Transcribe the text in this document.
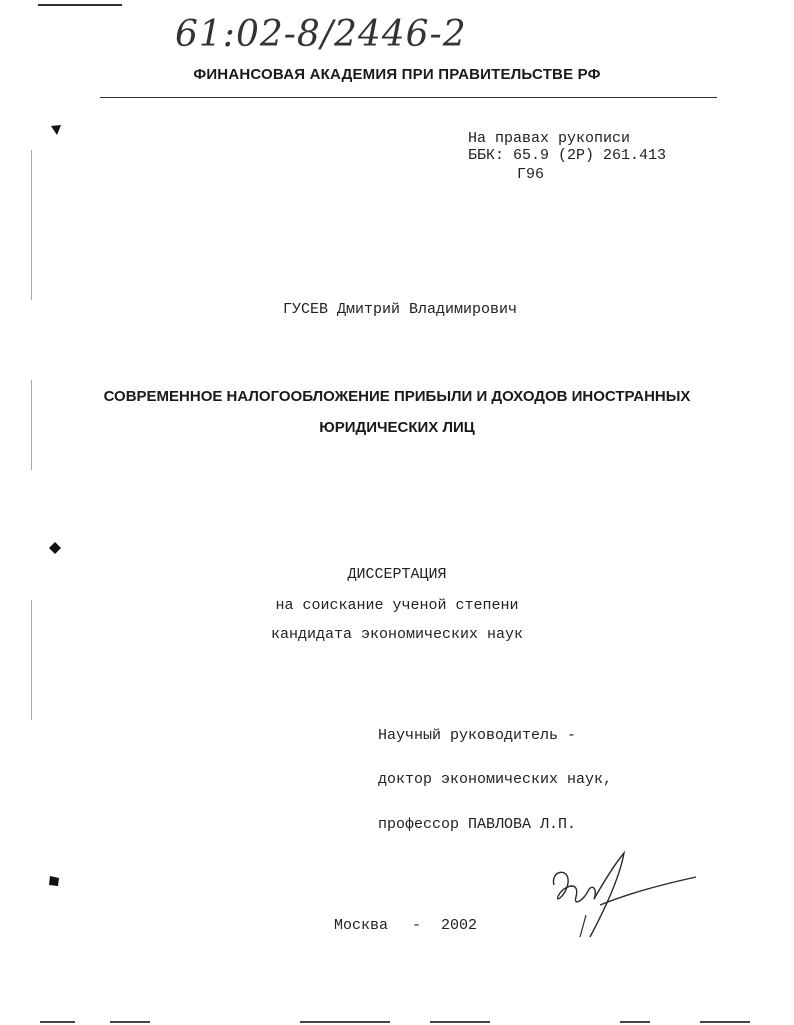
61:02-8/2446-2
ФИНАНСОВАЯ АКАДЕМИЯ ПРИ ПРАВИТЕЛЬСТВЕ РФ
На правах рукописи
ББК: 65.9 (2Р) 261.413
Г96
ГУСЕВ Дмитрий Владимирович
СОВРЕМЕННОЕ НАЛОГООБЛОЖЕНИЕ ПРИБЫЛИ И ДОХОДОВ ИНОСТРАННЫХ
ЮРИДИЧЕСКИХ ЛИЦ
ДИССЕРТАЦИЯ
на соискание ученой степени
кандидата экономических наук
Научный руководитель -
доктор экономических наук,
профессор ПАВЛОВА Л.П.
Москва - 2002
